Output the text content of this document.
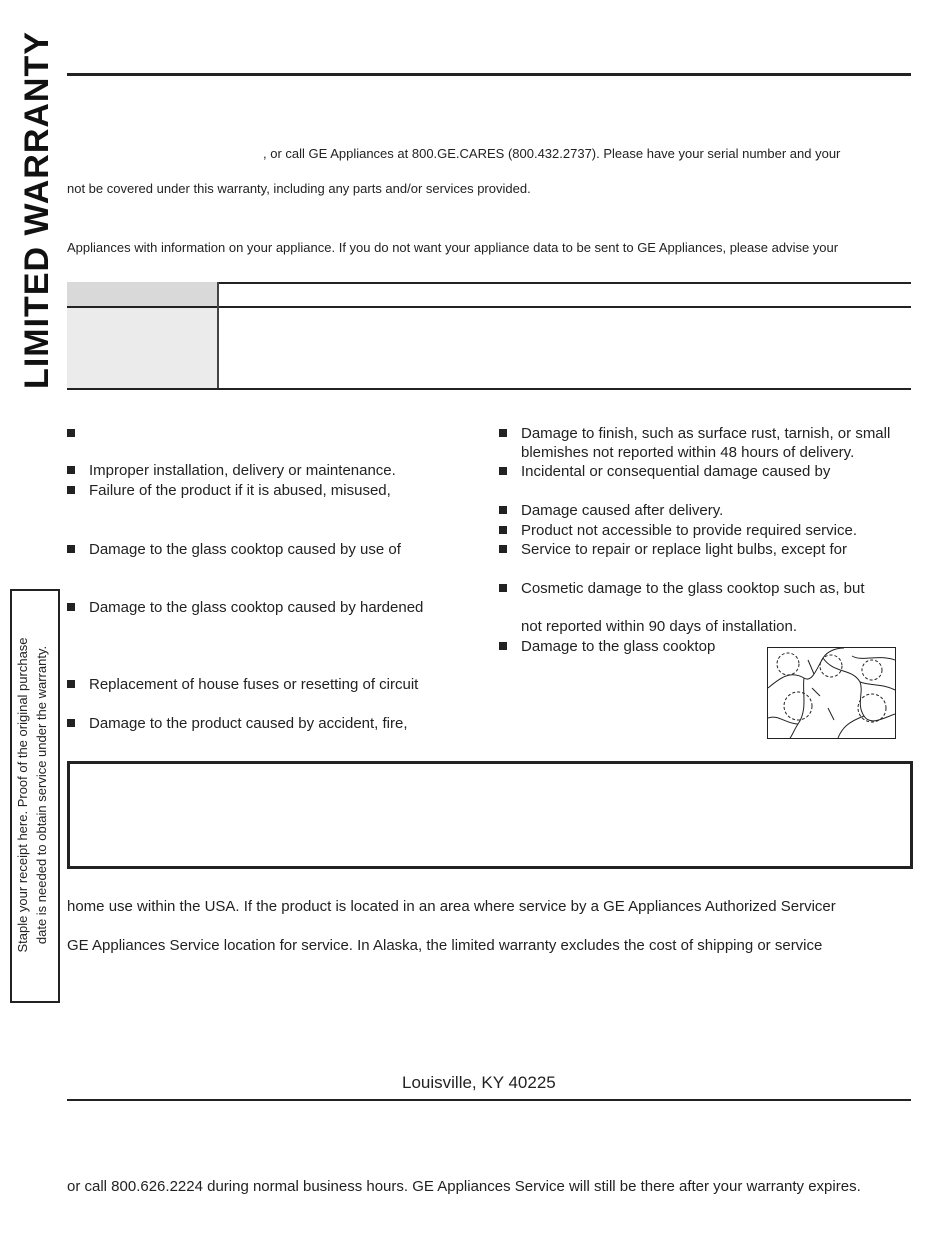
LIMITED WARRANTY	, or call GE Appliances at 800.GE.CARES (800.432.2737). Please have your serial number and your
not be covered under this warranty, including any parts and/or services provided.
Appliances with information on your appliance. If you do not want your appliance data to be sent to GE Appliances, please advise your
Improper installation, delivery or maintenance.
Failure of the product if it is abused, misused,
Damage to the glass cooktop caused by use of
Damage to the glass cooktop caused by hardened
Replacement of house fuses or resetting of circuit
Damage to the product caused by accident, fire,
Damage to finish, such as surface rust, tarnish, or small
blemishes not reported within 48 hours of delivery.
Incidental or consequential damage caused by
Damage caused after delivery.
Product not accessible to provide required service.
Service to repair or replace light bulbs, except for
Cosmetic damage to the glass cooktop such as, but
not reported within 90 days of installation.
Damage to the glass cooktop
home use within the USA. If the product is located in an area where service by a GE Appliances Authorized Servicer
GE Appliances Service location for service. In Alaska, the limited warranty excludes the cost of shipping or service
Staple your receipt here. Proof of the original purchase date is needed to obtain service under the warranty.
Louisville, KY 40225
or call 800.626.2224 during normal business hours. GE Appliances Service will still be there after your warranty expires.
